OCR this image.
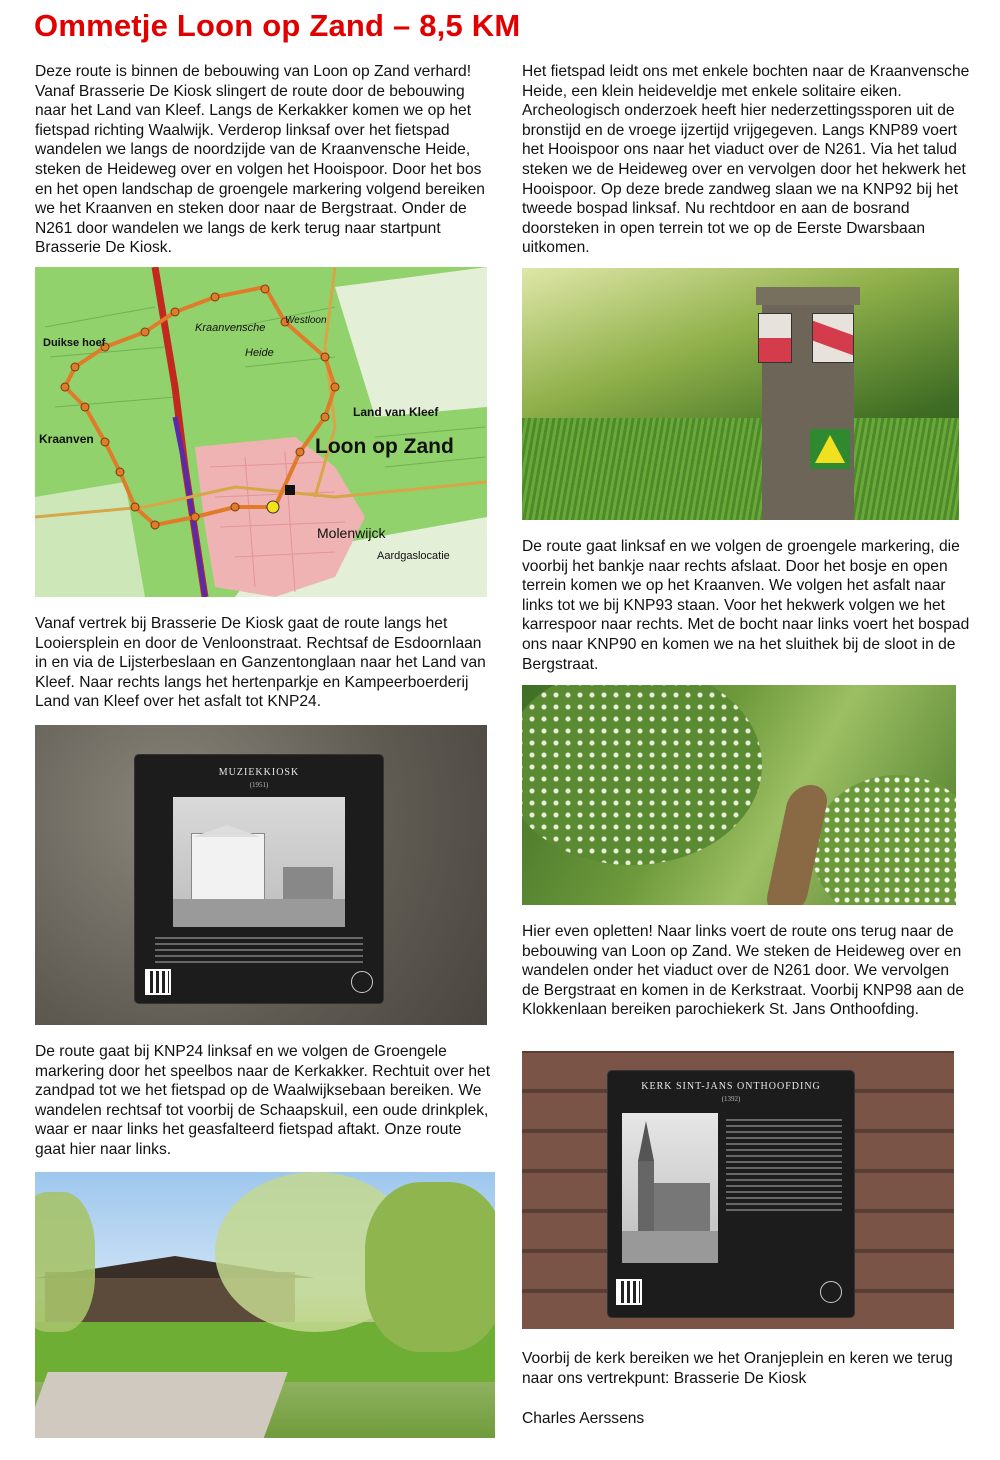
Ommetje Loon op Zand – 8,5 KM

Deze route is binnen de bebouwing van Loon op Zand verhard! Vanaf Brasserie De Kiosk slingert de route door de bebouwing naar het Land van Kleef. Langs de Kerkakker komen we op het fietspad richting Waalwijk. Verderop linksaf over het fietspad wandelen we langs de noordzijde van de Kraanvensche Heide, steken de Heideweg over en volgen het Hooispoor. Door het bos en het open landschap de groengele markering volgend bereiken we het Kraanven en steken door naar de Bergstraat. Onder de N261 door wandelen we langs de kerk terug naar startpunt Brasserie De Kiosk.

Duikse hoef
Kraanvensche
Heide
Westloon
Land van Kleef
Loon op Zand
Kraanven
Molenwijck
Aardgaslocatie

Vanaf vertrek bij Brasserie De Kiosk gaat de route langs het Looiersplein en door de Venloonstraat. Rechtsaf de Esdoornlaan in en via de Lijsterbeslaan en Ganzentonglaan naar het Land van Kleef. Naar rechts langs het hertenparkje en Kampeerboerderij Land van Kleef over het asfalt tot KNP24.

MUZIEKKIOSK
(1951)

De route gaat bij KNP24 linksaf en we volgen de Groengele markering door het speelbos naar de Kerkakker. Rechtuit over het zandpad tot we het fietspad op de Waalwijksebaan bereiken. We wandelen rechtsaf tot voorbij de Schaapskuil, een oude drinkplek, waar er naar links het geasfalteerd fietspad aftakt. Onze route gaat hier naar links.

Het fietspad leidt ons met enkele bochten naar de Kraanvensche Heide, een klein heideveldje met enkele solitaire eiken. Archeologisch onderzoek heeft hier nederzettingssporen uit de bronstijd en de vroege ijzertijd vrijgegeven. Langs KNP89 voert het Hooispoor ons naar het viaduct over de N261. Via het talud steken we de Heideweg over en vervolgen door het hekwerk het Hooispoor. Op deze brede zandweg slaan we na KNP92 bij het tweede bospad linksaf. Nu rechtdoor en aan de bosrand doorsteken in open terrein tot we op de Eerste Dwarsbaan uitkomen.

De route gaat linksaf en we volgen de groengele markering, die voorbij het bankje naar rechts afslaat. Door het bosje en open terrein komen we op het Kraanven. We volgen het asfalt naar links tot we bij KNP93 staan. Voor het hekwerk volgen we het karrespoor naar rechts. Met de bocht naar links voert het bospad ons naar KNP90 en komen we na het sluithek bij de sloot in de Bergstraat.

Hier even opletten! Naar links voert de route ons terug naar de bebouwing van Loon op Zand. We steken de Heideweg over en wandelen onder het viaduct over de N261 door. We vervolgen de Bergstraat en komen in de Kerkstraat. Voorbij KNP98 aan de Klokkenlaan bereiken parochiekerk St. Jans Onthoofding.

KERK SINT-JANS ONTHOOFDING
(1392)

Voorbij de kerk bereiken we het Oranjeplein en keren we terug naar ons vertrekpunt: Brasserie De Kiosk

Charles Aerssens
